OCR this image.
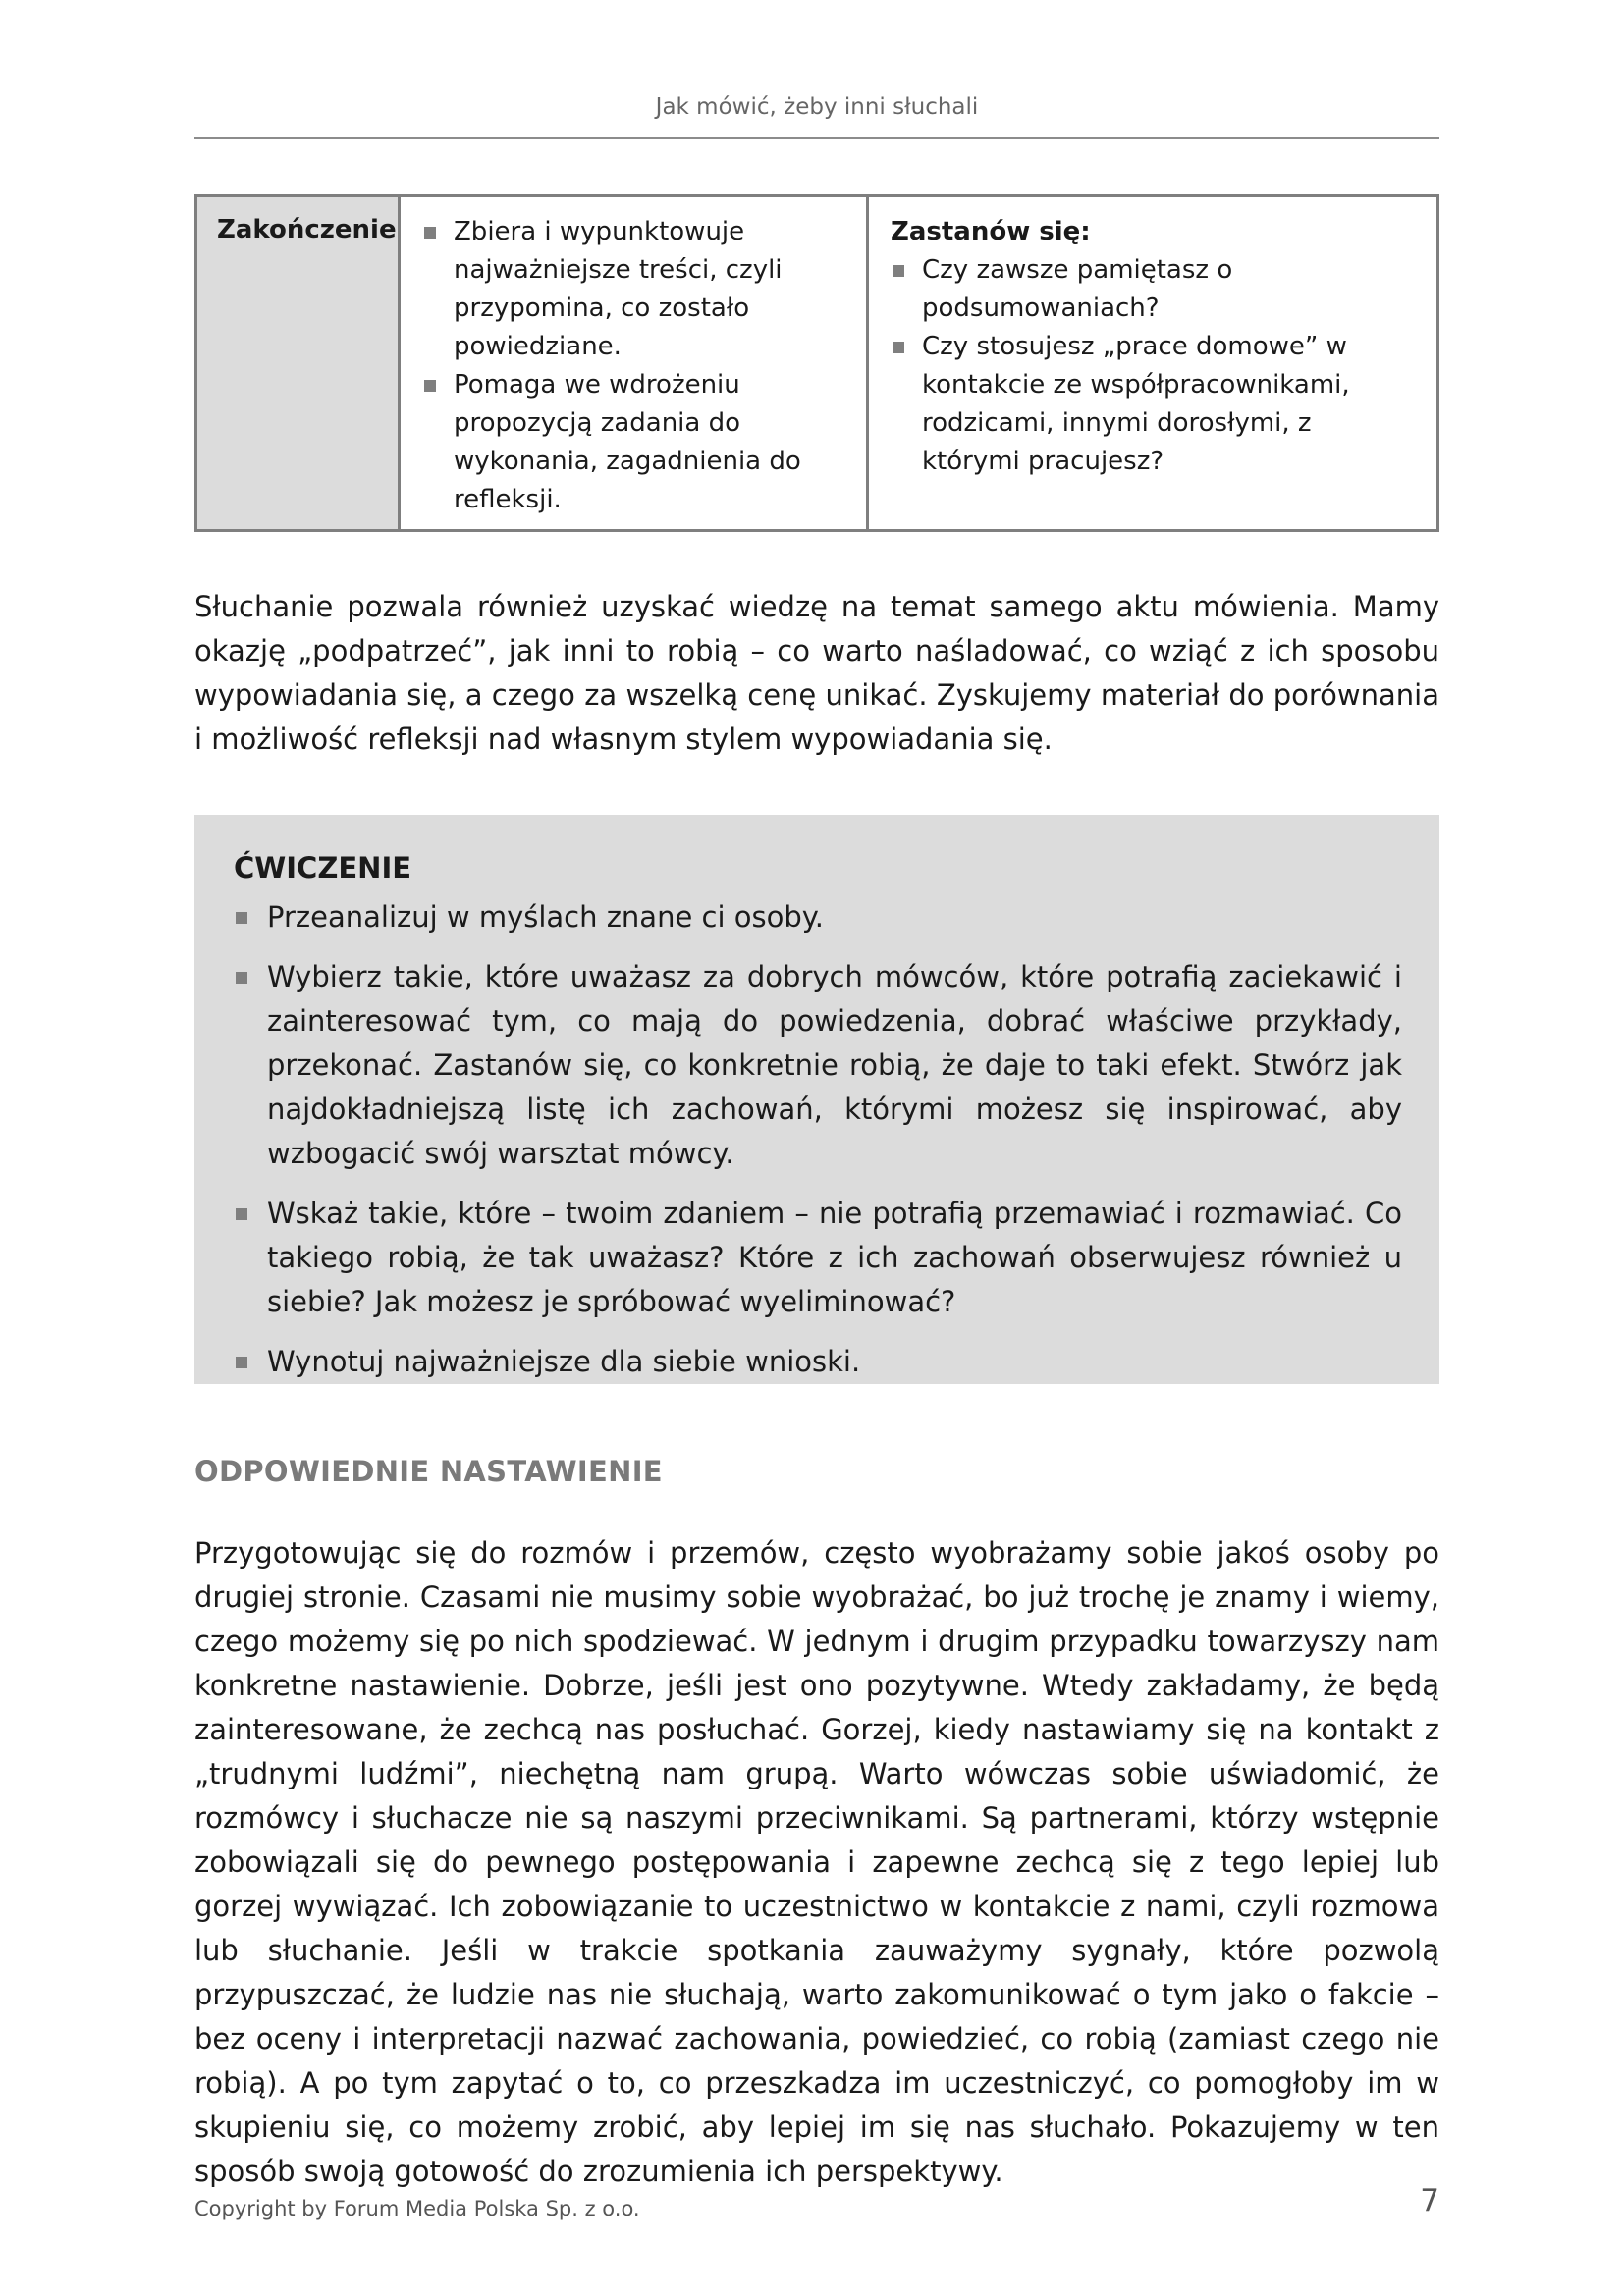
Jak mówić, żeby inni słuchali
Zakończenie	Zbiera i wypunktowuje najważniejsze treści, czyli przypomina, co zostało powiedziane.
Pomaga we wdrożeniu propozycją zadania do wykonania, zagadnienia do refleksji.

Zastanów się:

Czy zawsze pamiętasz o podsumowaniach?
Czy stosujesz „prace domowe” w kontakcie ze współpracownikami, rodzicami, innymi dorosłymi, z którymi pracujesz?

Słuchanie pozwala również uzyskać wiedzę na temat samego aktu mówienia. Mamy okazję „podpatrzeć”, jak inni to robią – co warto naśladować, co wziąć z ich sposobu wypowiadania się, a czego za wszelką cenę unikać. Zyskujemy materiał do porównania i możliwość refleksji nad własnym stylem wypowiadania się.

ĆWICZENIE

Przeanalizuj w myślach znane ci osoby.
Wybierz takie, które uważasz za dobrych mówców, które potrafią zaciekawić i zainteresować tym, co mają do powiedzenia, dobrać właściwe przykłady, przekonać. Zastanów się, co konkretnie robią, że daje to taki efekt. Stwórz jak najdokładniejszą listę ich zachowań, którymi możesz się inspirować, aby wzbogacić swój warsztat mówcy.
Wskaż takie, które – twoim zdaniem – nie potrafią przemawiać i rozmawiać. Co takiego robią, że tak uważasz? Które z ich zachowań obserwujesz również u siebie? Jak możesz je spróbować wyeliminować?
Wynotuj najważniejsze dla siebie wnioski.
ODPOWIEDNIE NASTAWIENIE

Przygotowując się do rozmów i przemów, często wyobrażamy sobie jakoś osoby po drugiej stronie. Czasami nie musimy sobie wyobrażać, bo już trochę je znamy i wiemy, czego możemy się po nich spodziewać. W jednym i drugim przypadku towarzyszy nam konkretne nastawienie. Dobrze, jeśli jest ono pozytywne. Wtedy zakładamy, że będą zainteresowane, że zechcą nas posłuchać. Gorzej, kiedy nastawiamy się na kontakt z „trudnymi ludźmi”, niechętną nam grupą. Warto wówczas sobie uświadomić, że rozmówcy i słuchacze nie są naszymi przeciwnikami. Są partnerami, którzy wstępnie zobowiązali się do pewnego postępowania i zapewne zechcą się z tego lepiej lub gorzej wywiązać. Ich zobowiązanie to uczestnictwo w kontakcie z nami, czyli rozmowa lub słuchanie. Jeśli w trakcie spotkania zauważymy sygnały, które pozwolą przypuszczać, że ludzie nas nie słuchają, warto zakomunikować o tym jako o fakcie – bez oceny i interpretacji nazwać zachowania, powiedzieć, co robią (zamiast czego nie robią). A po tym zapytać o to, co przeszkadza im uczestniczyć, co pomogłoby im w skupieniu się, co możemy zrobić, aby lepiej im się nas słuchało. Pokazujemy w ten sposób swoją gotowość do zrozumienia ich perspektywy.

Copyright by Forum Media Polska Sp. z o.o.	7
